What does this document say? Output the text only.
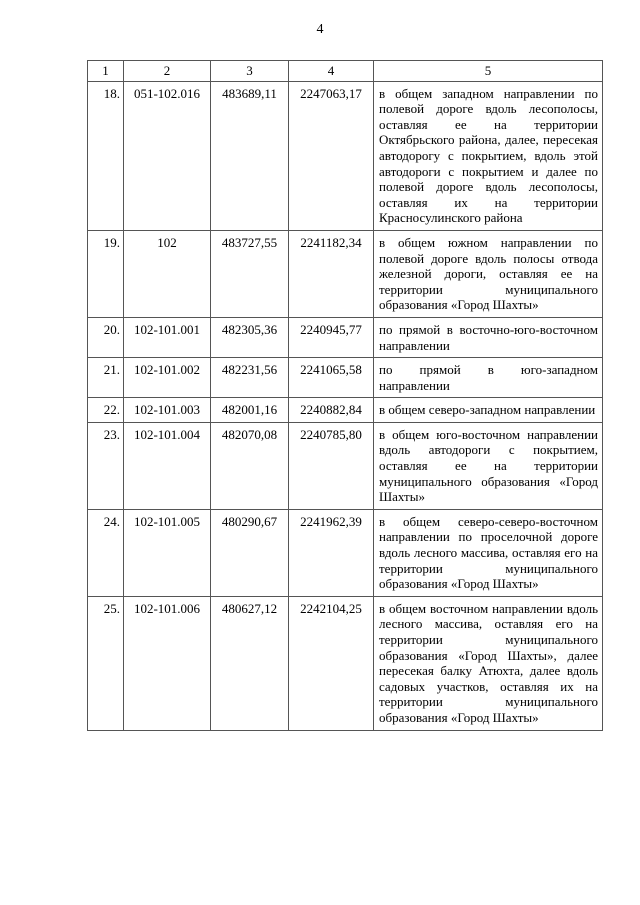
4
1	2	3	4	5
18.	051-102.016	483689,11	2247063,17	в общем западном направлении по полевой дороге вдоль лесополосы, оставляя ее на территории Октябрьского района, далее, пересекая автодорогу с покрытием, вдоль этой автодороги с покрытием и далее по полевой дороге вдоль лесополосы, оставляя их на территории Красносулинского района
19.	102	483727,55	2241182,34	в общем южном направлении по полевой дороге вдоль полосы отвода железной дороги, оставляя ее на территории муниципального образования «Город Шахты»
20.	102-101.001	482305,36	2240945,77	по прямой в восточно-юго-восточном направлении
21.	102-101.002	482231,56	2241065,58	по прямой в юго-западном направлении
22.	102-101.003	482001,16	2240882,84	в общем северо-западном направлении
23.	102-101.004	482070,08	2240785,80	в общем юго-восточном направлении вдоль автодороги с покрытием, оставляя ее на территории муниципального образования «Город Шахты»
24.	102-101.005	480290,67	2241962,39	в общем северо-северо-восточном направлении по проселочной дороге вдоль лесного массива, оставляя его на территории муниципального образования «Город Шахты»
25.	102-101.006	480627,12	2242104,25	в общем восточном направлении вдоль лесного массива, оставляя его на территории муниципального образования «Город Шахты», далее пересекая балку Атюхта, далее вдоль садовых участков, оставляя их на территории муниципального образования «Город Шахты»
